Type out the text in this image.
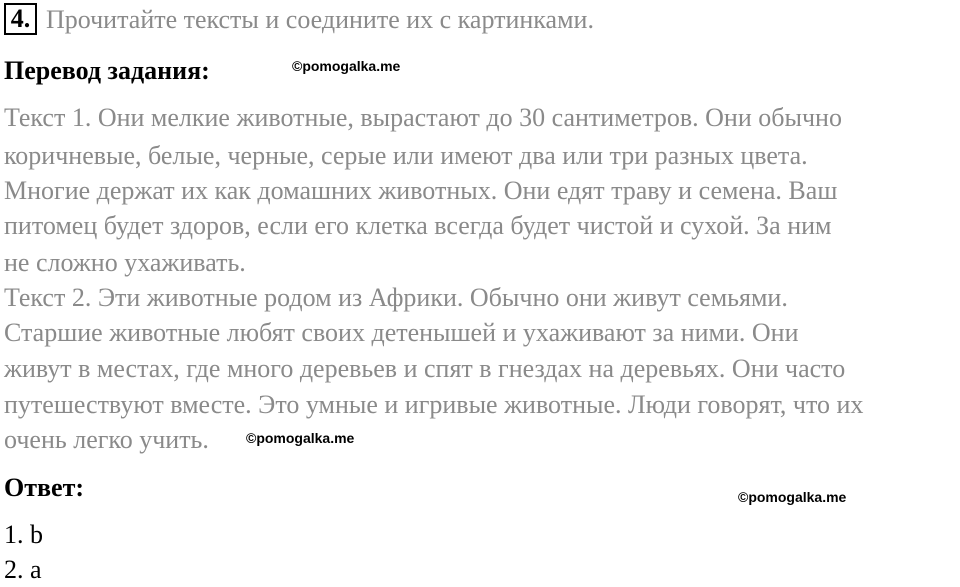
4. Прочитайте тексты и соедините их с картинками.
Перевод задания:	©pomogalka.me
Текст 1. Они мелкие животные, вырастают до 30 сантиметров. Они обычно
коричневые, белые, черные, серые или имеют два или три разных цвета.
Многие держат их как домашних животных. Они едят траву и семена. Ваш
питомец будет здоров, если его клетка всегда будет чистой и сухой. За ним
не сложно ухаживать.
Текст 2. Эти животные родом из Африки. Обычно они живут семьями.
Старшие животные любят своих детенышей и ухаживают за ними. Они
живут в местах, где много деревьев и спят в гнездах на деревьях. Они часто
путешествуют вместе. Это умные и игривые животные. Люди говорят, что их
очень легко учить.	©pomogalka.me
Ответ:	©pomogalka.me
1. b
2. a
